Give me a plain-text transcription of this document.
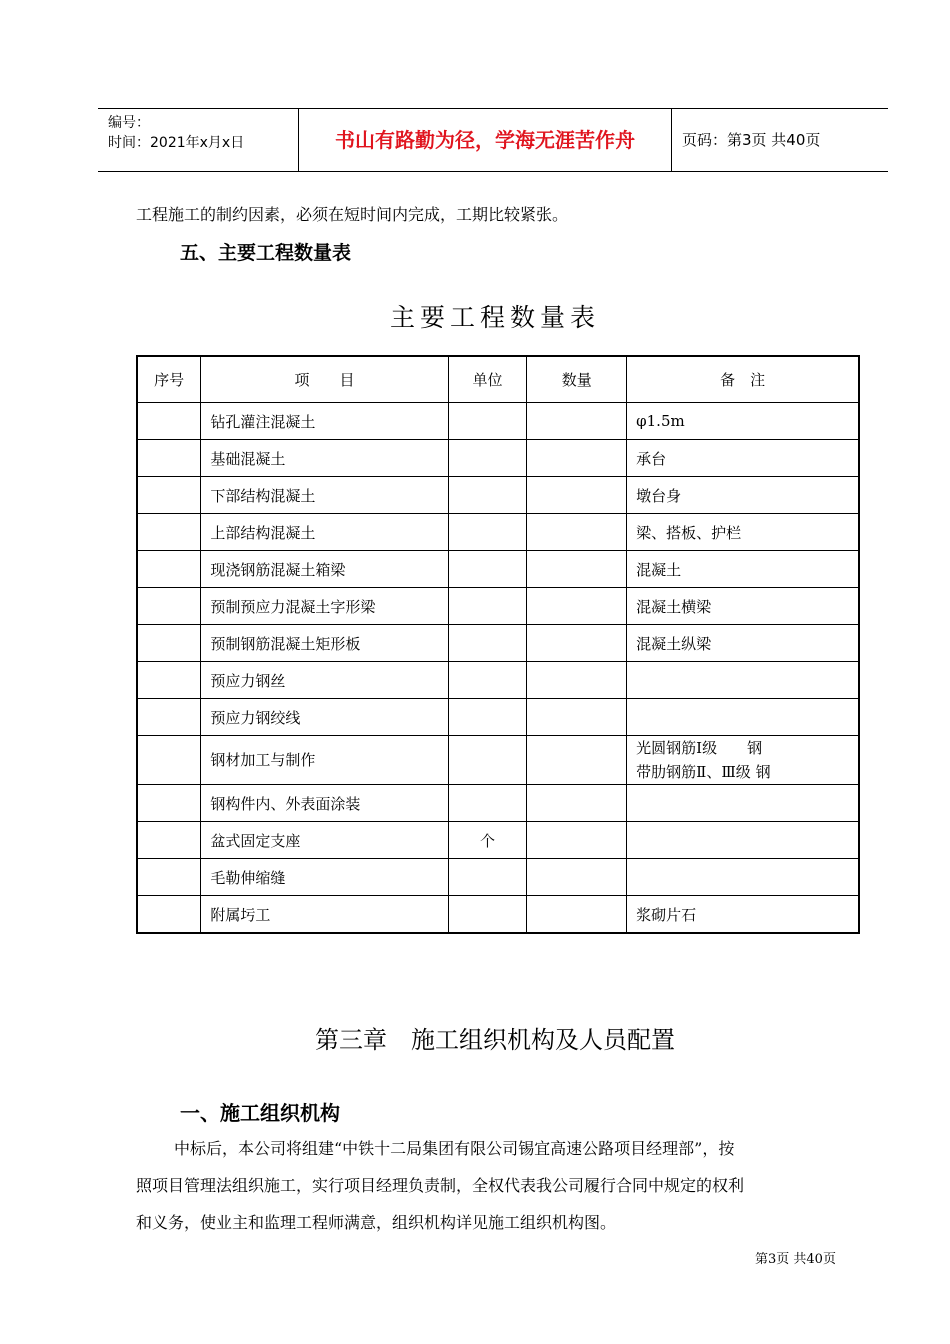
编号：
时间：2021年x月x日	书山有路勤为径，学海无涯苦作舟	页码：第3页 共40页
工程施工的制约因素，必须在短时间内完成，工期比较紧张。
五、主要工程数量表
主要工程数量表
序号	项　　目	单位	数量	备　注
	钻孔灌注混凝土			φ1.5m
	基础混凝土			承台
	下部结构混凝土			墩台身
	上部结构混凝土			梁、搭板、护栏
	现浇钢筋混凝土箱梁			混凝土
	预制预应力混凝土字形梁			混凝土横梁
	预制钢筋混凝土矩形板			混凝土纵梁
	预应力钢丝			
	预应力钢绞线			
	钢材加工与制作			光圆钢筋Ⅰ级　　钢
带肋钢筋Ⅱ、Ⅲ级 钢

	钢构件内、外表面涂装			
	盆式固定支座	个		
	毛勒伸缩缝			
	附属圬工			浆砌片石
第三章　施工组织机构及人员配置
一、施工组织机构
中标后，本公司将组建“中铁十二局集团有限公司锡宜高速公路项目经理部”，按
照项目管理法组织施工，实行项目经理负责制，全权代表我公司履行合同中规定的权利
和义务，使业主和监理工程师满意，组织机构详见施工组织机构图。
第3页 共40页
